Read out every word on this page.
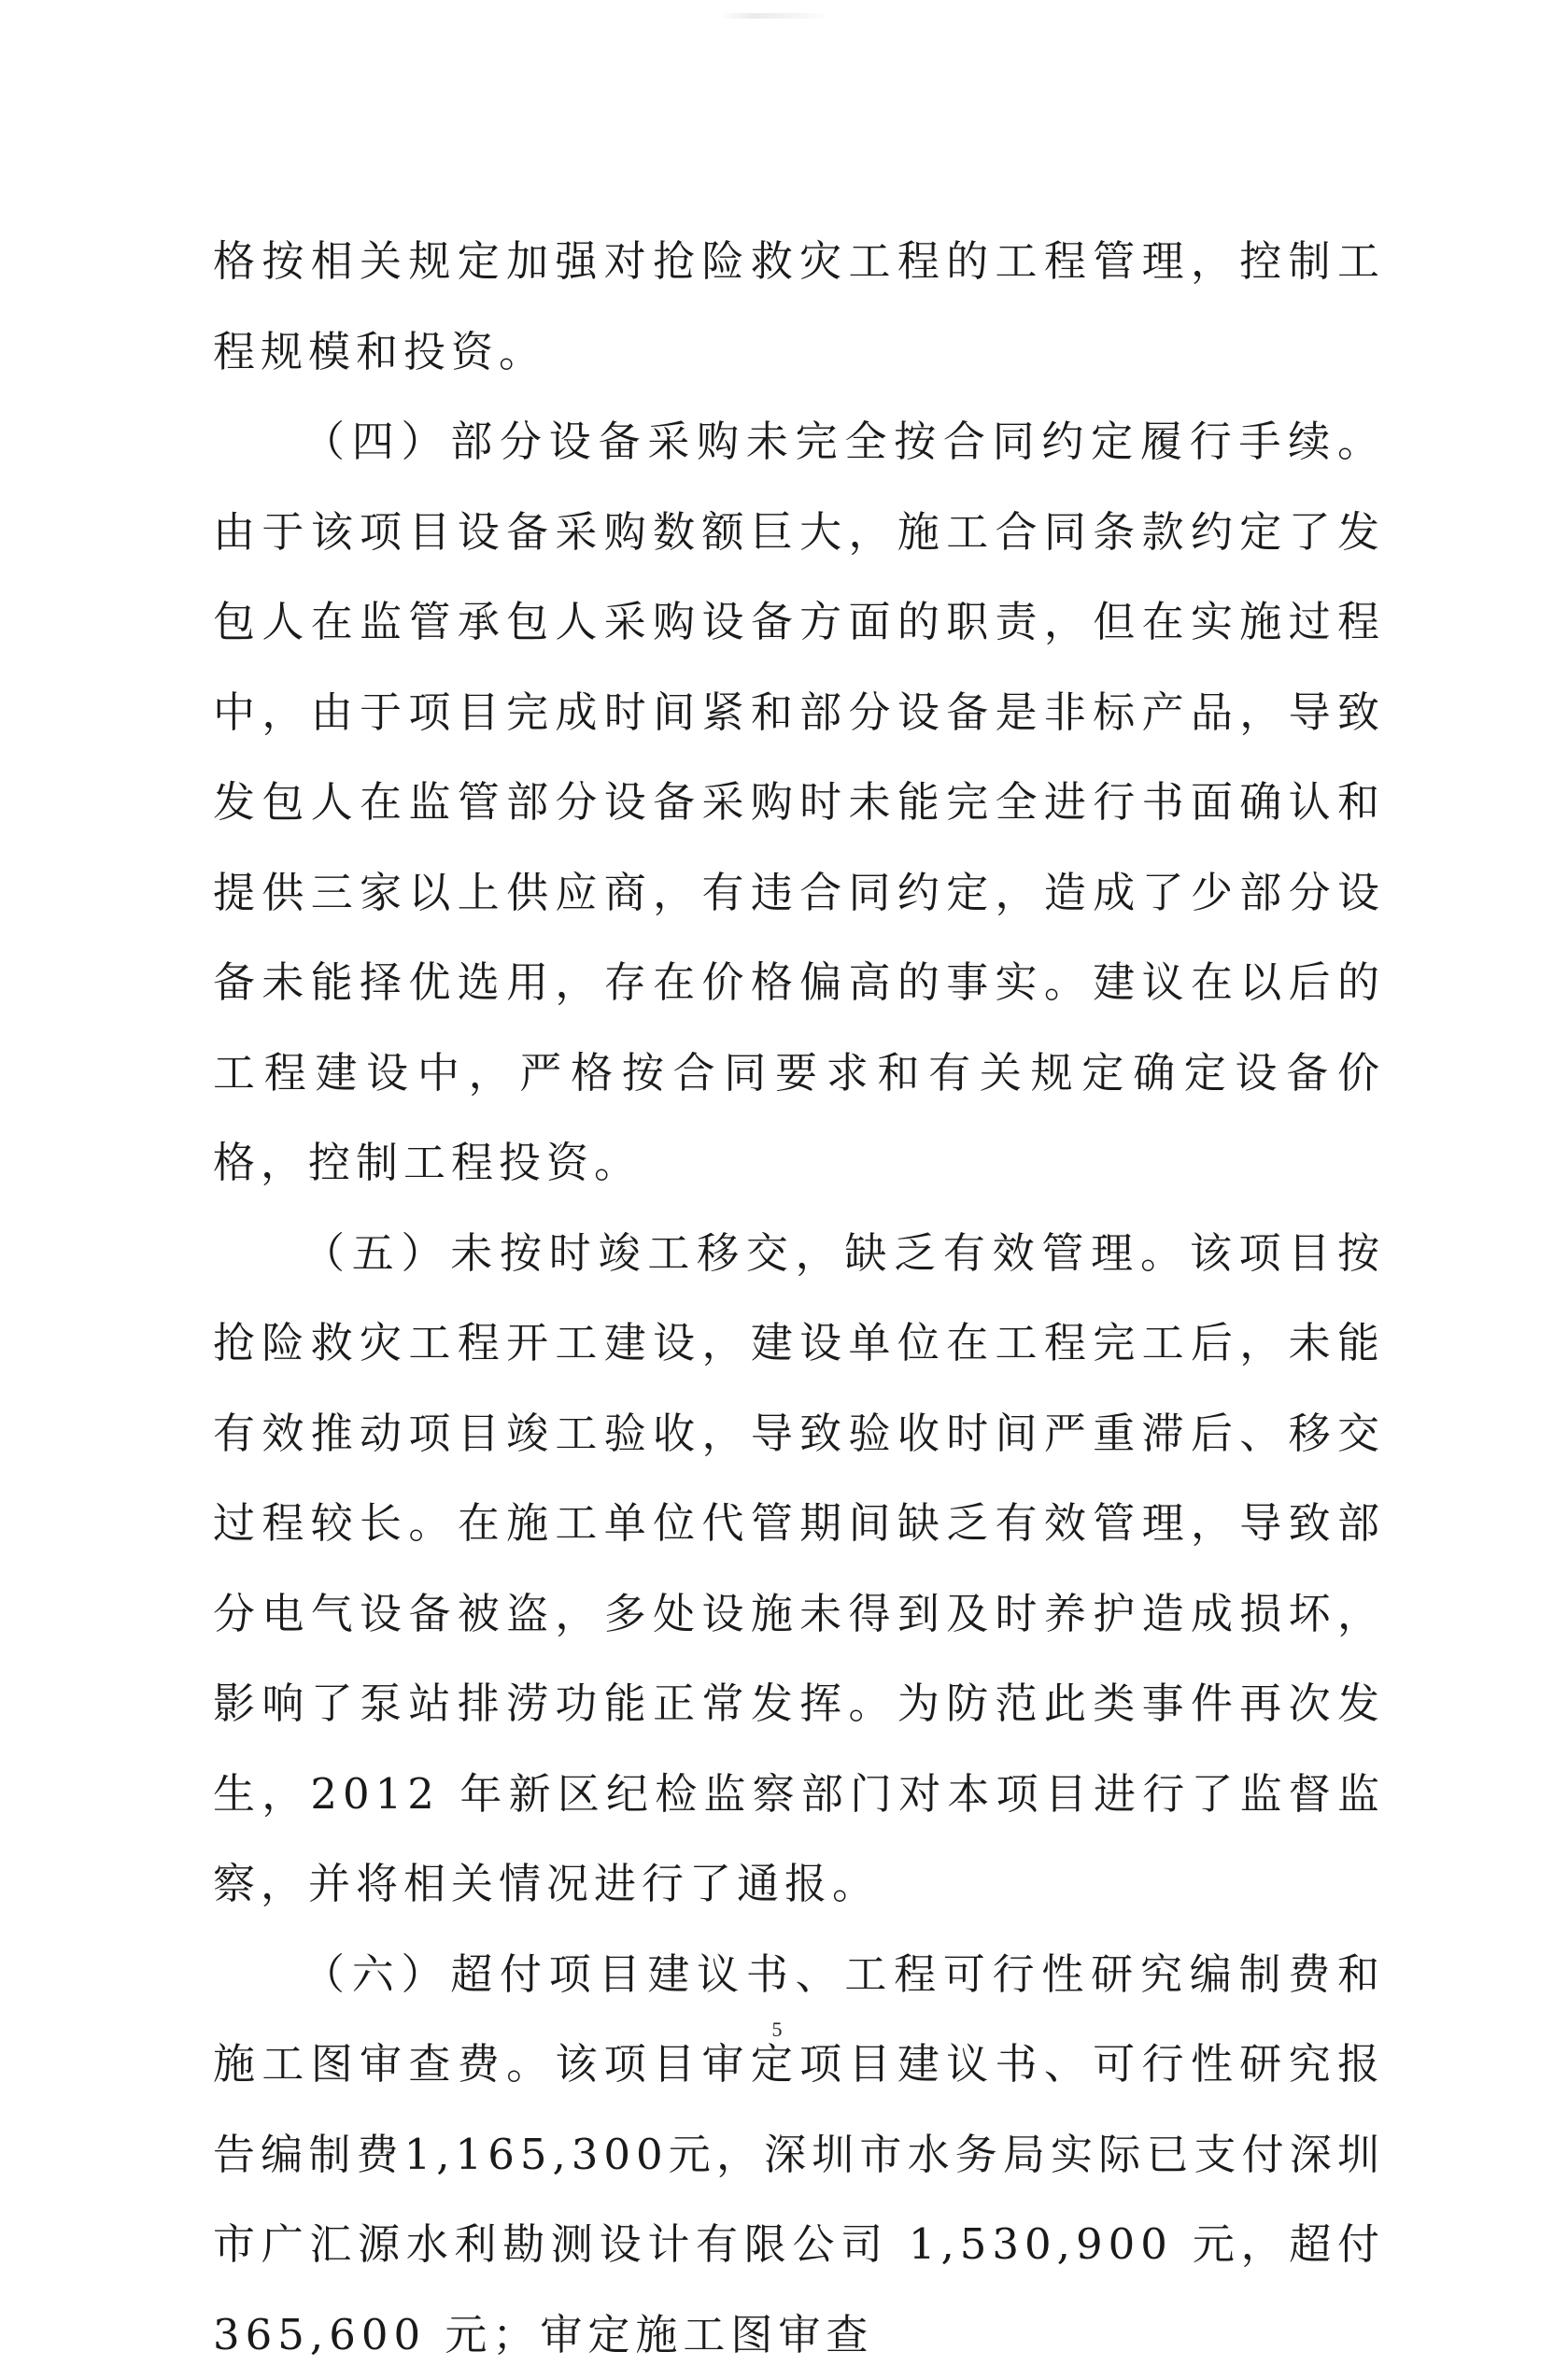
格按相关规定加强对抢险救灾工程的工程管理，控制工程规模和投资。

（四）部分设备采购未完全按合同约定履行手续。由于该项目设备采购数额巨大，施工合同条款约定了发包人在监管承包人采购设备方面的职责，但在实施过程中，由于项目完成时间紧和部分设备是非标产品，导致发包人在监管部分设备采购时未能完全进行书面确认和提供三家以上供应商，有违合同约定，造成了少部分设备未能择优选用，存在价格偏高的事实。建议在以后的工程建设中，严格按合同要求和有关规定确定设备价格，控制工程投资。

（五）未按时竣工移交，缺乏有效管理。该项目按抢险救灾工程开工建设，建设单位在工程完工后，未能有效推动项目竣工验收，导致验收时间严重滞后、移交过程较长。在施工单位代管期间缺乏有效管理，导致部分电气设备被盗，多处设施未得到及时养护造成损坏，影响了泵站排涝功能正常发挥。为防范此类事件再次发生，2012 年新区纪检监察部门对本项目进行了监督监察，并将相关情况进行了通报。

（六）超付项目建议书、工程可行性研究编制费和施工图审查费。该项目审定项目建议书、可行性研究报告编制费1,165,300元，深圳市水务局实际已支付深圳市广汇源水利勘测设计有限公司 1,530,900 元，超付 365,600 元；审定施工图审查

5
